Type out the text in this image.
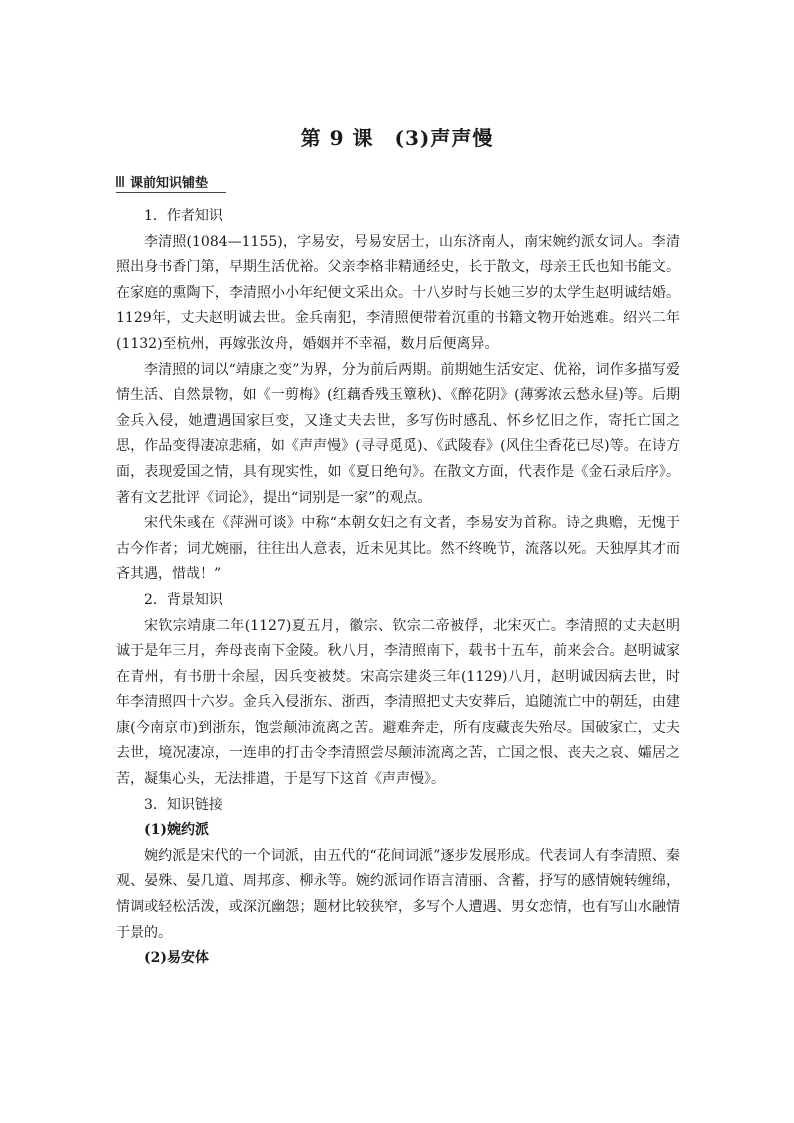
第 9 课　(3)声声慢
课前知识铺垫

1．作者知识

李清照(1084—1155)，字易安，号易安居士，山东济南人，南宋婉约派女词人。李清照出身书香门第，早期生活优裕。父亲李格非精通经史，长于散文，母亲王氏也知书能文。在家庭的熏陶下，李清照小小年纪便文采出众。十八岁时与长她三岁的太学生赵明诚结婚。1129年，丈夫赵明诚去世。金兵南犯，李清照便带着沉重的书籍文物开始逃难。绍兴二年(1132)至杭州，再嫁张汝舟，婚姻并不幸福，数月后便离异。

李清照的词以“靖康之变”为界，分为前后两期。前期她生活安定、优裕，词作多描写爱情生活、自然景物，如《一剪梅》(红藕香残玉簟秋)、《醉花阴》(薄雾浓云愁永昼)等。后期金兵入侵，她遭遇国家巨变，又逢丈夫去世，多写伤时感乱、怀乡忆旧之作，寄托亡国之思，作品变得凄凉悲痛，如《声声慢》(寻寻觅觅)、《武陵春》(风住尘香花已尽)等。在诗方面，表现爱国之情，具有现实性，如《夏日绝句》。在散文方面，代表作是《金石录后序》。著有文艺批评《词论》，提出“词别是一家”的观点。

宋代朱彧在《萍洲可谈》中称“本朝女妇之有文者，李易安为首称。诗之典赡，无愧于古今作者；词尤婉丽，往往出人意表，近未见其比。然不终晚节，流落以死。天独厚其才而吝其遇，惜哉！”

2．背景知识

宋钦宗靖康二年(1127)夏五月，徽宗、钦宗二帝被俘，北宋灭亡。李清照的丈夫赵明诚于是年三月，奔母丧南下金陵。秋八月，李清照南下，载书十五车，前来会合。赵明诚家在青州，有书册十余屋，因兵变被焚。宋高宗建炎三年(1129)八月，赵明诚因病去世，时年李清照四十六岁。金兵入侵浙东、浙西，李清照把丈夫安葬后，追随流亡中的朝廷，由建康(今南京市)到浙东，饱尝颠沛流离之苦。避难奔走，所有庋藏丧失殆尽。国破家亡，丈夫去世，境况凄凉，一连串的打击令李清照尝尽颠沛流离之苦，亡国之恨、丧夫之哀、孀居之苦，凝集心头，无法排遣，于是写下这首《声声慢》。

3．知识链接

(1)婉约派

婉约派是宋代的一个词派，由五代的“花间词派”逐步发展形成。代表词人有李清照、秦观、晏殊、晏几道、周邦彦、柳永等。婉约派词作语言清丽、含蓄，抒写的感情婉转缠绵，情调或轻松活泼，或深沉幽怨；题材比较狭窄，多写个人遭遇、男女恋情，也有写山水融情于景的。

(2)易安体
